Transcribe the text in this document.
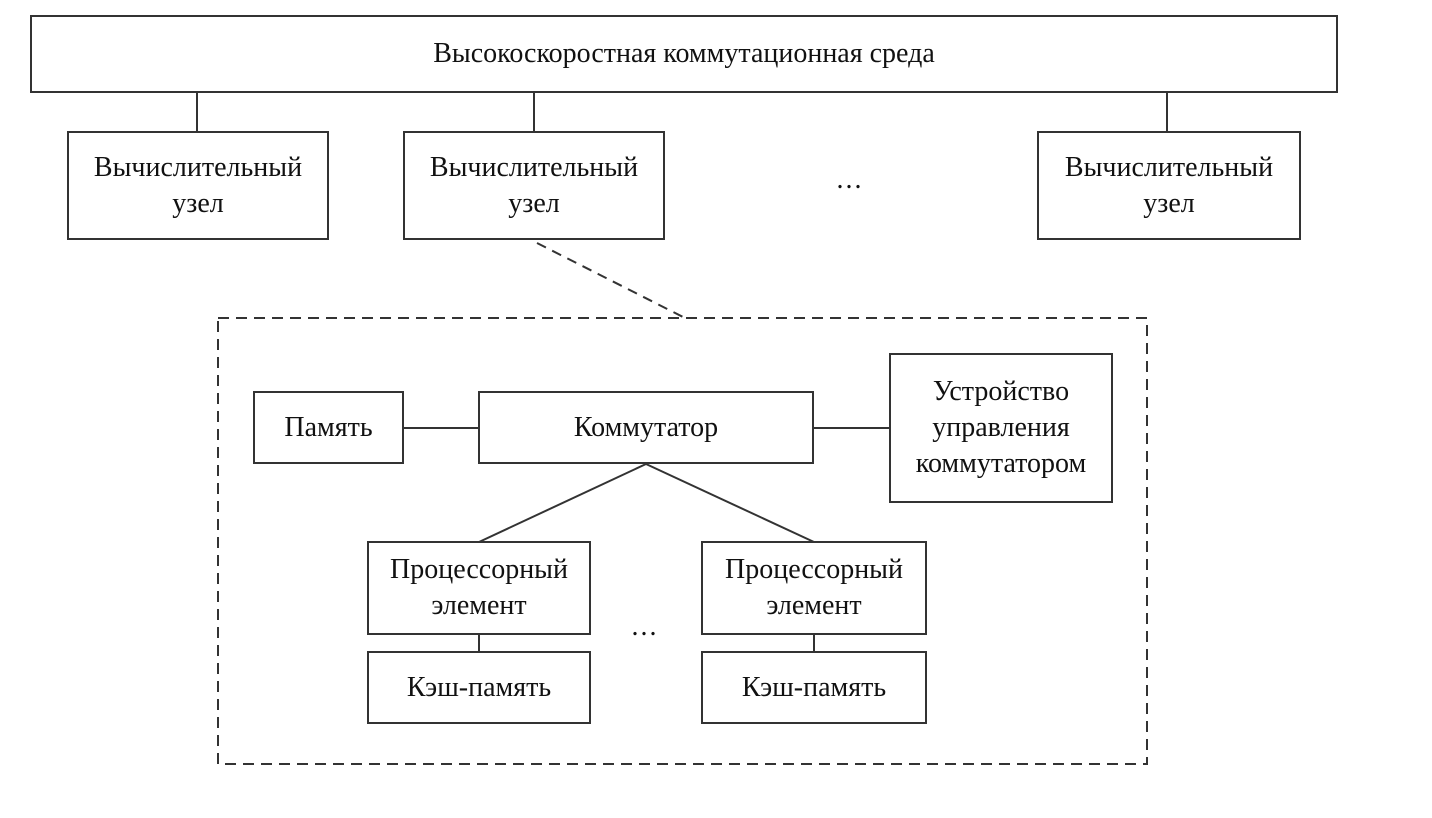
Высокоскоростная коммутационная среда
Вычислительный узел
Вычислительный узел
...	Вычислительный узел
Память	Коммутатор
Устройство управления коммутатором
Процессорный элемент
...
Процессорный элемент
Кэш-память	Кэш-память
